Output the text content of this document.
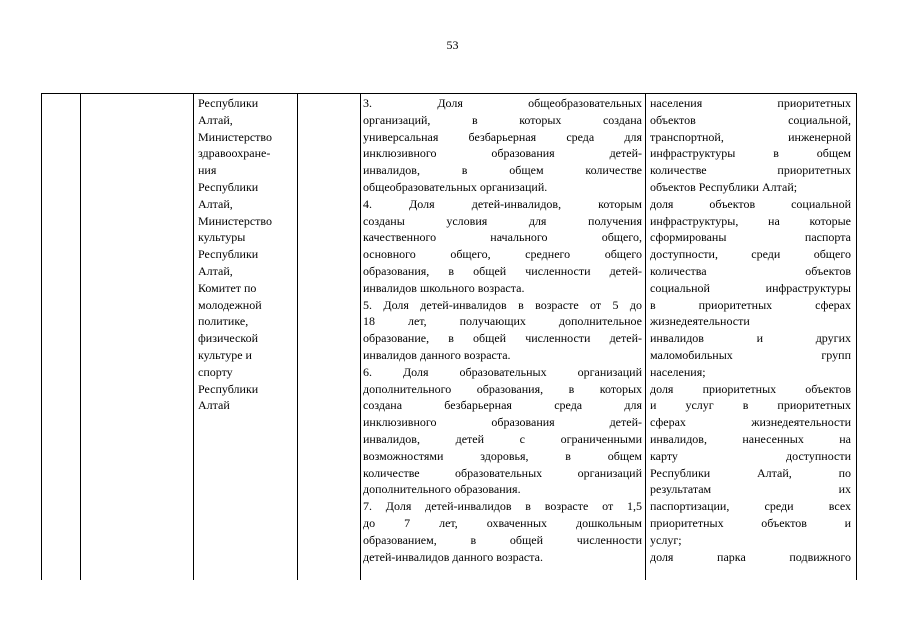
53
Республики
Алтай,
Министерство
здравоохране-
ния
Республики
Алтай,
Министерство
культуры
Республики
Алтай,
Комитет по
молодежной
политике,
физической
культуре и
спорту
Республики
Алтай
3. Доля общеобразовательных
организаций, в которых создана
универсальная безбарьерная среда для
инклюзивного образования детей-
инвалидов, в общем количестве
общеобразовательных организаций.
4. Доля детей-инвалидов, которым
созданы условия для получения
качественного начального общего,
основного общего, среднего общего
образования, в общей численности детей-
инвалидов школьного возраста.
5. Доля детей-инвалидов в возрасте от 5 до
18 лет, получающих дополнительное
образование, в общей численности детей-
инвалидов данного возраста.
6. Доля образовательных организаций
дополнительного образования, в которых
создана безбарьерная среда для
инклюзивного образования детей-
инвалидов, детей с ограниченными
возможностями здоровья, в общем
количестве образовательных организаций
дополнительного образования.
7. Доля детей-инвалидов в возрасте от 1,5
до 7 лет, охваченных дошкольным
образованием, в общей численности
детей-инвалидов данного возраста.
населения приоритетных
объектов социальной,
транспортной, инженерной
инфраструктуры в общем
количестве приоритетных
объектов Республики Алтай;
доля объектов социальной
инфраструктуры, на которые
сформированы паспорта
доступности, среди общего
количества объектов
социальной инфраструктуры
в приоритетных сферах
жизнедеятельности
инвалидов и других
маломобильных групп
населения;
доля приоритетных объектов
и услуг в приоритетных
сферах жизнедеятельности
инвалидов, нанесенных на
карту доступности
Республики Алтай, по
результатам их
паспортизации, среди всех
приоритетных объектов и
услуг;
доля парка подвижного
